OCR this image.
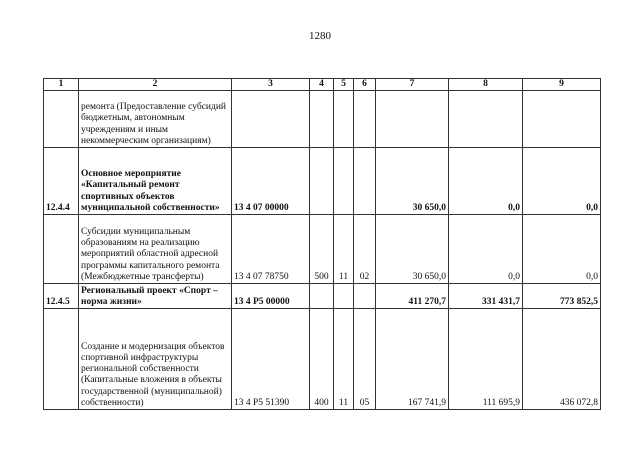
1280
1	2	3	4	5	6	7	8	9
	ремонта (Предоставление субсидий бюджетным, автономным учреждениям и иным некоммерческим организациям)							
12.4.4	Основное мероприятие «Капитальный ремонт спортивных объектов муниципальной собственности»	13 4 07 00000				30 650,0	0,0	0,0
	Субсидии муниципальным образованиям на реализацию мероприятий областной адресной программы капитального ремонта (Межбюджетные трансферты)	13 4 07 78750	500	11	02	30 650,0	0,0	0,0
12.4.5	Региональный проект «Спорт – норма жизни»	13 4 P5 00000				411 270,7	331 431,7	773 852,5
	Создание и модернизация объектов спортивной инфраструктуры региональной собственности (Капитальные вложения в объекты государственной (муниципальной) собственности)	13 4 P5 51390	400	11	05	167 741,9	111 695,9	436 072,8
